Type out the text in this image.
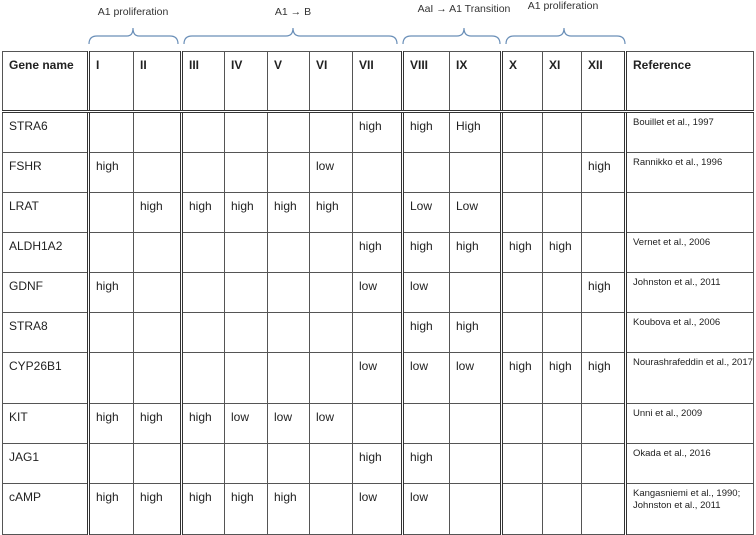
A1 proliferation	A1 → B	AaI → A1 Transition A1 proliferation
Gene name	I	II	III	IV	V	VI	VII	VIII	IX	X	XI	XII	Reference
STRA6							high	high	High				Bouillet et al., 1997
FSHR	high					low						high	Rannikko et al., 1996
LRAT		high	high	high	high	high		Low	Low				
ALDH1A2							high	high	high	high	high		Vernet et al., 2006
GDNF	high						low	low				high	Johnston et al., 2011
STRA8								high	high				Koubova et al., 2006
CYP26B1							low	low	low	high	high	high	Nourashrafeddin et al., 2017
KIT	high	high	high	low	low	low							Unni et al., 2009
JAG1							high	high					Okada et al., 2016
cAMP	high	high	high	high	high		low	low					Kangasniemi et al., 1990; Johnston et al., 2011
